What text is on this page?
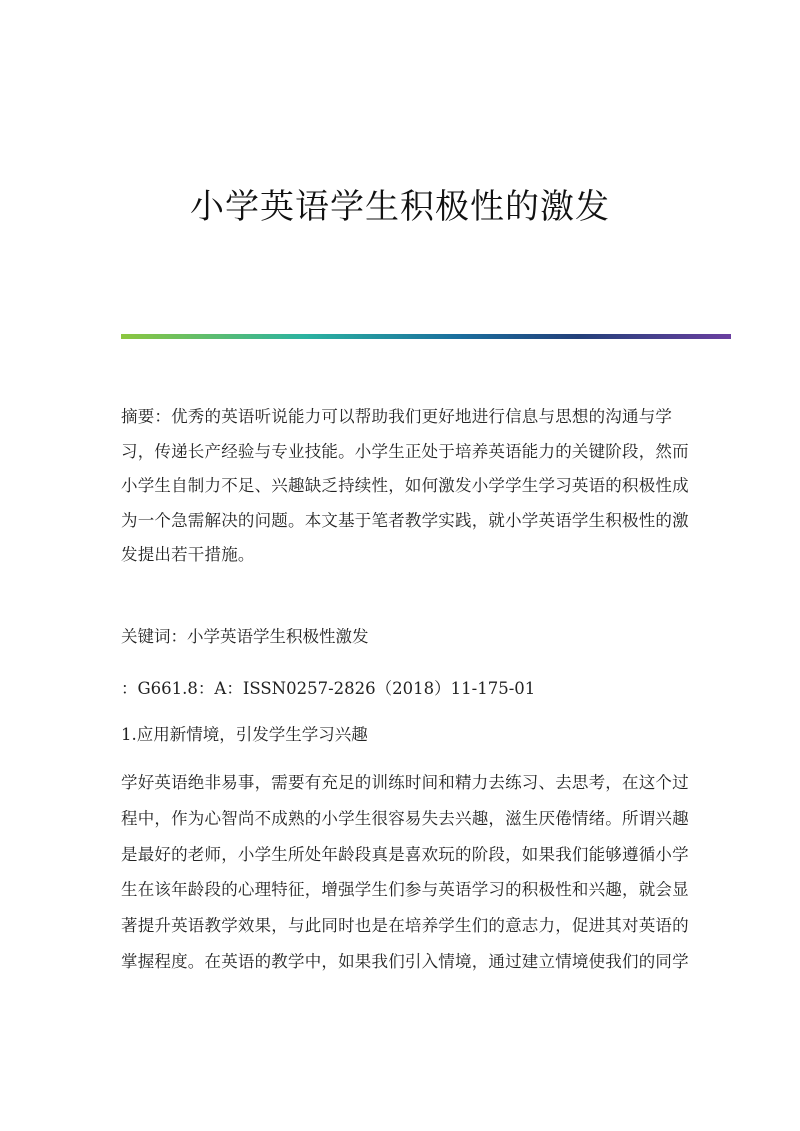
小学英语学生积极性的激发
摘要：优秀的英语听说能力可以帮助我们更好地进行信息与思想的沟通与学
习，传递长产经验与专业技能。小学生正处于培养英语能力的关键阶段，然而
小学生自制力不足、兴趣缺乏持续性，如何激发小学学生学习英语的积极性成
为一个急需解决的问题。本文基于笔者教学实践，就小学英语学生积极性的激
发提出若干措施。
关键词：小学英语学生积极性激发
：G661.8：A：ISSN0257-2826（2018）11-175-01
1.应用新情境，引发学生学习兴趣
学好英语绝非易事，需要有充足的训练时间和精力去练习、去思考，在这个过
程中，作为心智尚不成熟的小学生很容易失去兴趣，滋生厌倦情绪。所谓兴趣
是最好的老师，小学生所处年龄段真是喜欢玩的阶段，如果我们能够遵循小学
生在该年龄段的心理特征，增强学生们参与英语学习的积极性和兴趣，就会显
著提升英语教学效果，与此同时也是在培养学生们的意志力，促进其对英语的
掌握程度。在英语的教学中，如果我们引入情境，通过建立情境使我们的同学
